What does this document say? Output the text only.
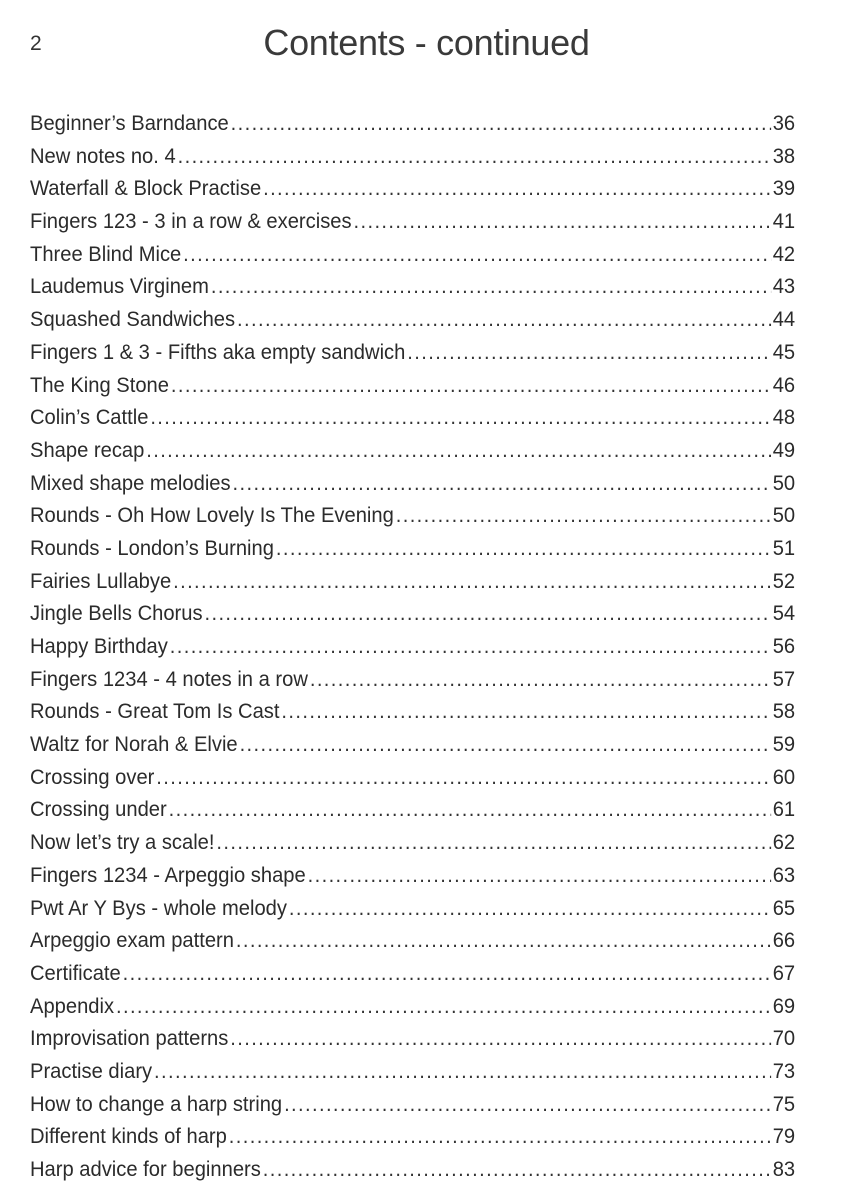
2	Contents - continued
Beginner’s Barndance . . .	36
New notes no. 4 . . .	38
Waterfall & Block Practise . . .	39
Fingers 123 - 3 in a row & exercises . . .	41
Three Blind Mice . . .	42
Laudemus Virginem . . .	43
Squashed Sandwiches . . .	44
Fingers 1 & 3 - Fifths aka empty sandwich . . .	45
The King Stone . . .	46
Colin’s Cattle . . .	48
Shape recap . . .	49
Mixed shape melodies . . .	50
Rounds - Oh How Lovely Is The Evening . . .	50
Rounds - London’s Burning . . .	51
Fairies Lullabye . . .	52
Jingle Bells Chorus . . .	54
Happy Birthday . . .	56
Fingers 1234 - 4 notes in a row . . .	57
Rounds - Great Tom Is Cast . . .	58
Waltz for Norah & Elvie . . .	59
Crossing over . . .	60
Crossing under . . .	61
Now let’s try a scale! . . .	62
Fingers 1234 - Arpeggio shape . . .	63
Pwt Ar Y Bys - whole melody . . .	65
Arpeggio exam pattern . . .	66
Certificate . . .	67
Appendix . . .	69
Improvisation patterns . . .	70
Practise diary . . .	73
How to change a harp string . . .	75
Different kinds of harp . . .	79
Harp advice for beginners . . .	83
